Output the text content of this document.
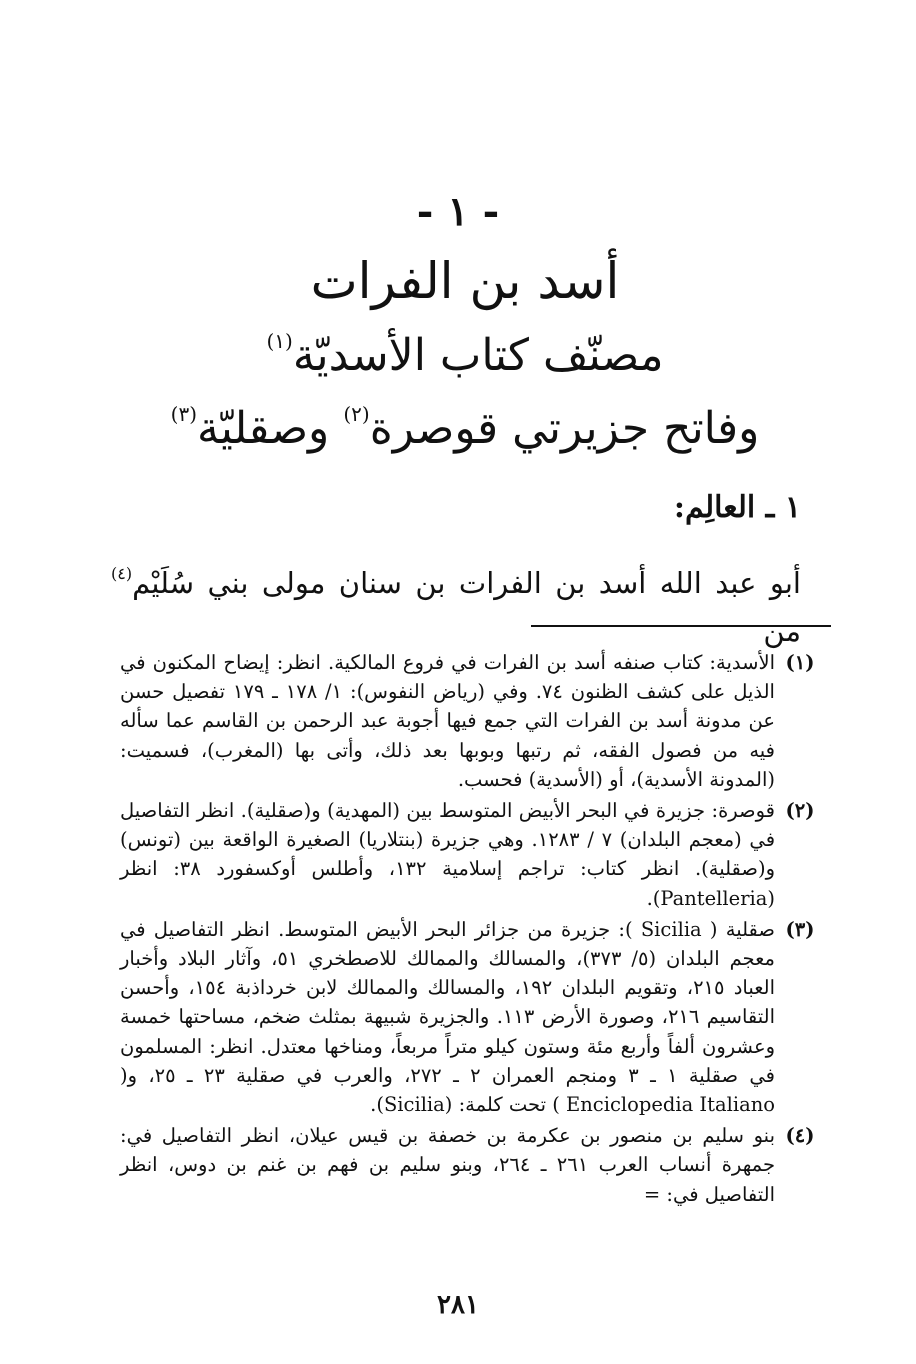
- ١ -
أسد بن الفرات
مصنّف كتاب الأسديّة$^{(١)}$
وفاتح جزيرتي قوصرة$^{(٢)}$ وصقليّة$^{(٣)}$
١ ـ العالِم:
أبو عبد الله أسد بن الفرات بن سنان مولى بني سُلَيْم$^{(٤)}$ من
(١)
الأسدية: كتاب صنفه أسد بن الفرات في فروع المالكية. انظر: إيضاح المكنون في الذيل على كشف الظنون ٧٤. وفي (رياض النفوس): ١/ ١٧٨ ـ ١٧٩ تفصيل حسن عن مدونة أسد بن الفرات التي جمع فيها أجوبة عبد الرحمن بن القاسم عما سأله فيه من فصول الفقه، ثم رتبها وبوبها بعد ذلك، وأتى بها (المغرب)، فسميت: (المدونة الأسدية)، أو (الأسدية) فحسب.
(٢)
قوصرة: جزيرة في البحر الأبيض المتوسط بين (المهدية) و(صقلية). انظر التفاصيل في (معجم البلدان) ٧ / ١٢٨٣. وهي جزيرة (بنتلاريا) الصغيرة الواقعة بين (تونس) و(صقلية). انظر كتاب: تراجم إسلامية ١٣٢، وأطلس أوكسفورد ٣٨: انظر (Pantelleria).
(٣)
صقلية ( Sicilia ): جزيرة من جزائر البحر الأبيض المتوسط. انظر التفاصيل في معجم البلدان (٥/ ٣٧٣)، والمسالك والممالك للاصطخري ٥١، وآثار البلاد وأخبار العباد ٢١٥، وتقويم البلدان ١٩٢، والمسالك والممالك لابن خرداذبة ١٥٤، وأحسن التقاسيم ٢١٦، وصورة الأرض ١١٣. والجزيرة شبيهة بمثلث ضخم، مساحتها خمسة وعشرون ألفاً وأربع مئة وستون كيلو متراً مربعاً، ومناخها معتدل. انظر: المسلمون في صقلية ١ ـ ٣ ومنجم العمران ٢ ـ ٢٧٢، والعرب في صقلية ٢٣ ـ ٢٥، و( Enciclopedia Italiano ) تحت كلمة: (Sicilia).
(٤)
بنو سليم بن منصور بن عكرمة بن خصفة بن قيس عيلان، انظر التفاصيل في: جمهرة أنساب العرب ٢٦١ ـ ٢٦٤، وبنو سليم بن فهم بن غنم بن دوس، انظر التفاصيل في: =
٢٨١
